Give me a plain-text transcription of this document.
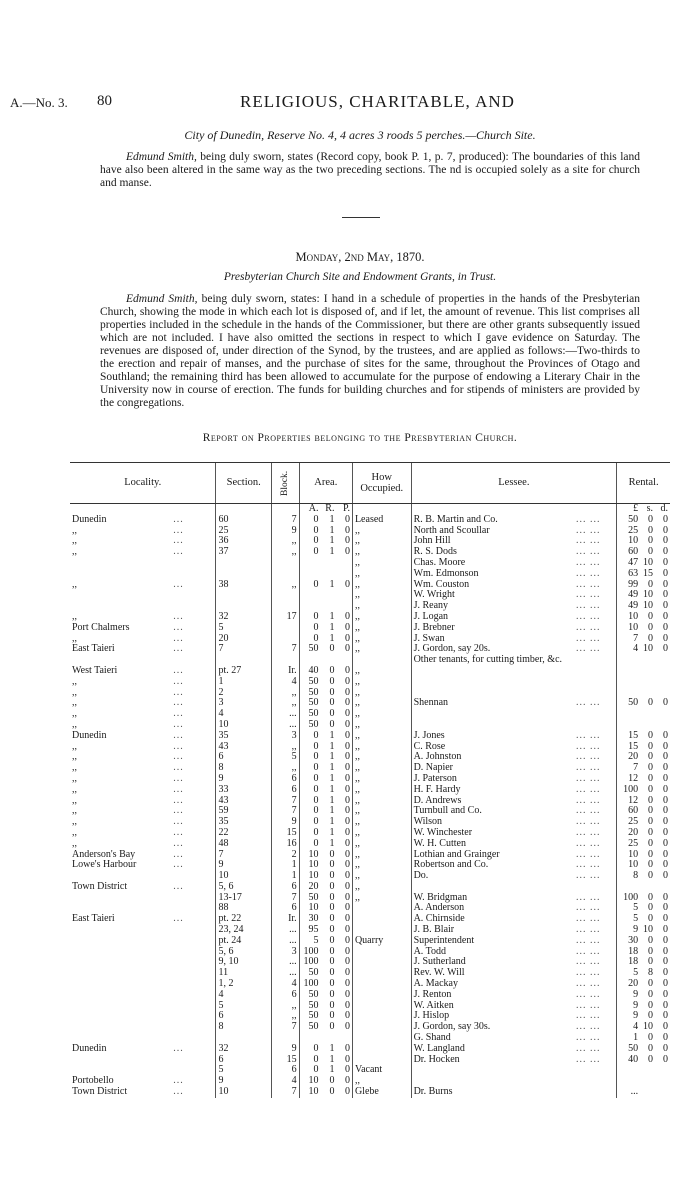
A.—No. 3. 80	RELIGIOUS, CHARITABLE, AND
City of Dunedin, Reserve No. 4, 4 acres 3 roods 5 perches.—Church Site.
Edmund Smith, being duly sworn, states (Record copy, book P. 1, p. 7, produced): The boundaries of this land have also been altered in the same way as the two preceding sections. The nd is occupied solely as a site for church and manse.
Monday, 2nd May, 1870.
Presbyterian Church Site and Endowment Grants, in Trust.
Edmund Smith, being duly sworn, states: I hand in a schedule of properties in the hands of the Presbyterian Church, showing the mode in which each lot is disposed of, and if let, the amount of revenue. This list comprises all properties included in the schedule in the hands of the Commissioner, but there are other grants subsequently issued which are not included. I have also omitted the sections in respect to which I gave evidence on Saturday. The revenues are disposed of, under direction of the Synod, by the trustees, and are applied as follows:—Two-thirds to the erection and repair of manses, and the purchase of sites for the same, throughout the Provinces of Otago and Southland; the remaining third has been allowed to accumulate for the purpose of endowing a Literary Chair in the University now in course of erection. The funds for building churches and for stipends of ministers are provided by the congregations.
Report on Properties belonging to the Presbyterian Church.
Locality.		Section.	Block.	Area.			How Occupied.	Lessee.		Rental.		
				A.	R.	P.				£	s.	d.
Dunedin	...	60	7	0	1	0	Leased	R. B. Martin and Co.	... ...	50	0	0
,,	...	25	9	0	1	0	,,	North and Scoullar	... ...	25	0	0
,,	...	36	,,	0	1	0	,,	John Hill	... ...	10	0	0
,,	...	37	,,	0	1	0	,,	R. S. Dods	... ...	60	0	0
							,,	Chas. Moore	... ...	47	10	0
							,,	Wm. Edmonson	... ...	63	15	0
,,	...	38	,,	0	1	0	,,	Wm. Couston	... ...	99	0	0
							,,	W. Wright	... ...	49	10	0
							,,	J. Reany	... ...	49	10	0
,,	...	32	17	0	1	0	,,	J. Logan	... ...	10	0	0
Port Chalmers	...	5		0	1	0	,,	J. Brebner	... ...	10	0	0
,,	...	20		0	1	0	,,	J. Swan	... ...	7	0	0
East Taieri	...	7	7	50	0	0	,,	J. Gordon, say 20s.	... ...	4	10	0
								Other tenants, for cutting timber, &c.				
West Taieri	...	pt. 27	Ir.	40	0	0	,,					
,,	...	1	4	50	0	0	,,					
,,	...	2	,,	50	0	0	,,					
,,	...	3	,,	50	0	0	,,	Shennan	... ...	50	0	0
,,	...	4	...	50	0	0	,,					
,,	...	10	...	50	0	0	,,					
Dunedin	...	35	3	0	1	0	,,	J. Jones	... ...	15	0	0
,,	...	43	,,	0	1	0	,,	C. Rose	... ...	15	0	0
,,	...	6	5	0	1	0	,,	A. Johnston	... ...	20	0	0
,,	...	8	,,	0	1	0	,,	D. Napier	... ...	7	0	0
,,	...	9	6	0	1	0	,,	J. Paterson	... ...	12	0	0
,,	...	33	6	0	1	0	,,	H. F. Hardy	... ...	100	0	0
,,	...	43	7	0	1	0	,,	D. Andrews	... ...	12	0	0
,,	...	59	7	0	1	0	,,	Turnbull and Co.	... ...	60	0	0
,,	...	35	9	0	1	0	,,	Wilson	... ...	25	0	0
,,	...	22	15	0	1	0	,,	W. Winchester	... ...	20	0	0
,,	...	48	16	0	1	0	,,	W. H. Cutten	... ...	25	0	0
Anderson's Bay	...	7	2	10	0	0	,,	Lothian and Grainger	... ...	10	0	0
Lowe's Harbour	...	9	1	10	0	0	,,	Robertson and Co.	... ...	10	0	0
		10	1	10	0	0	,,	Do.	... ...	8	0	0
Town District	...	5, 6	6	20	0	0	,,					
		13-17	7	50	0	0	,,	W. Bridgman	... ...	100	0	0
		88	6	10	0	0		A. Anderson	... ...	5	0	0
East Taieri	...	pt. 22	Ir.	30	0	0		A. Chirnside	... ...	5	0	0
		23, 24	...	95	0	0		J. B. Blair	... ...	9	10	0
		pt. 24	...	5	0	0	Quarry	Superintendent	... ...	30	0	0
		5, 6	3	100	0	0		A. Todd	... ...	18	0	0
		9, 10	...	100	0	0		J. Sutherland	... ...	18	0	0
		11	...	50	0	0		Rev. W. Will	... ...	5	8	0
		1, 2	4	100	0	0		A. Mackay	... ...	20	0	0
		4	6	50	0	0		J. Renton	... ...	9	0	0
		5	,,	50	0	0		W. Aitken	... ...	9	0	0
		6	,,	50	0	0		J. Hislop	... ...	9	0	0
		8	7	50	0	0		J. Gordon, say 30s.	... ...	4	10	0
								G. Shand	... ...	1	0	0
Dunedin	...	32	9	0	1	0		W. Langland	... ...	50	0	0
		6	15	0	1	0		Dr. Hocken	... ...	40	0	0
		5	6	0	1	0	Vacant					
Portobello	...	9	4	10	0	0	,,					
Town District	...	10	7	10	0	0	Glebe	Dr. Burns		...		
